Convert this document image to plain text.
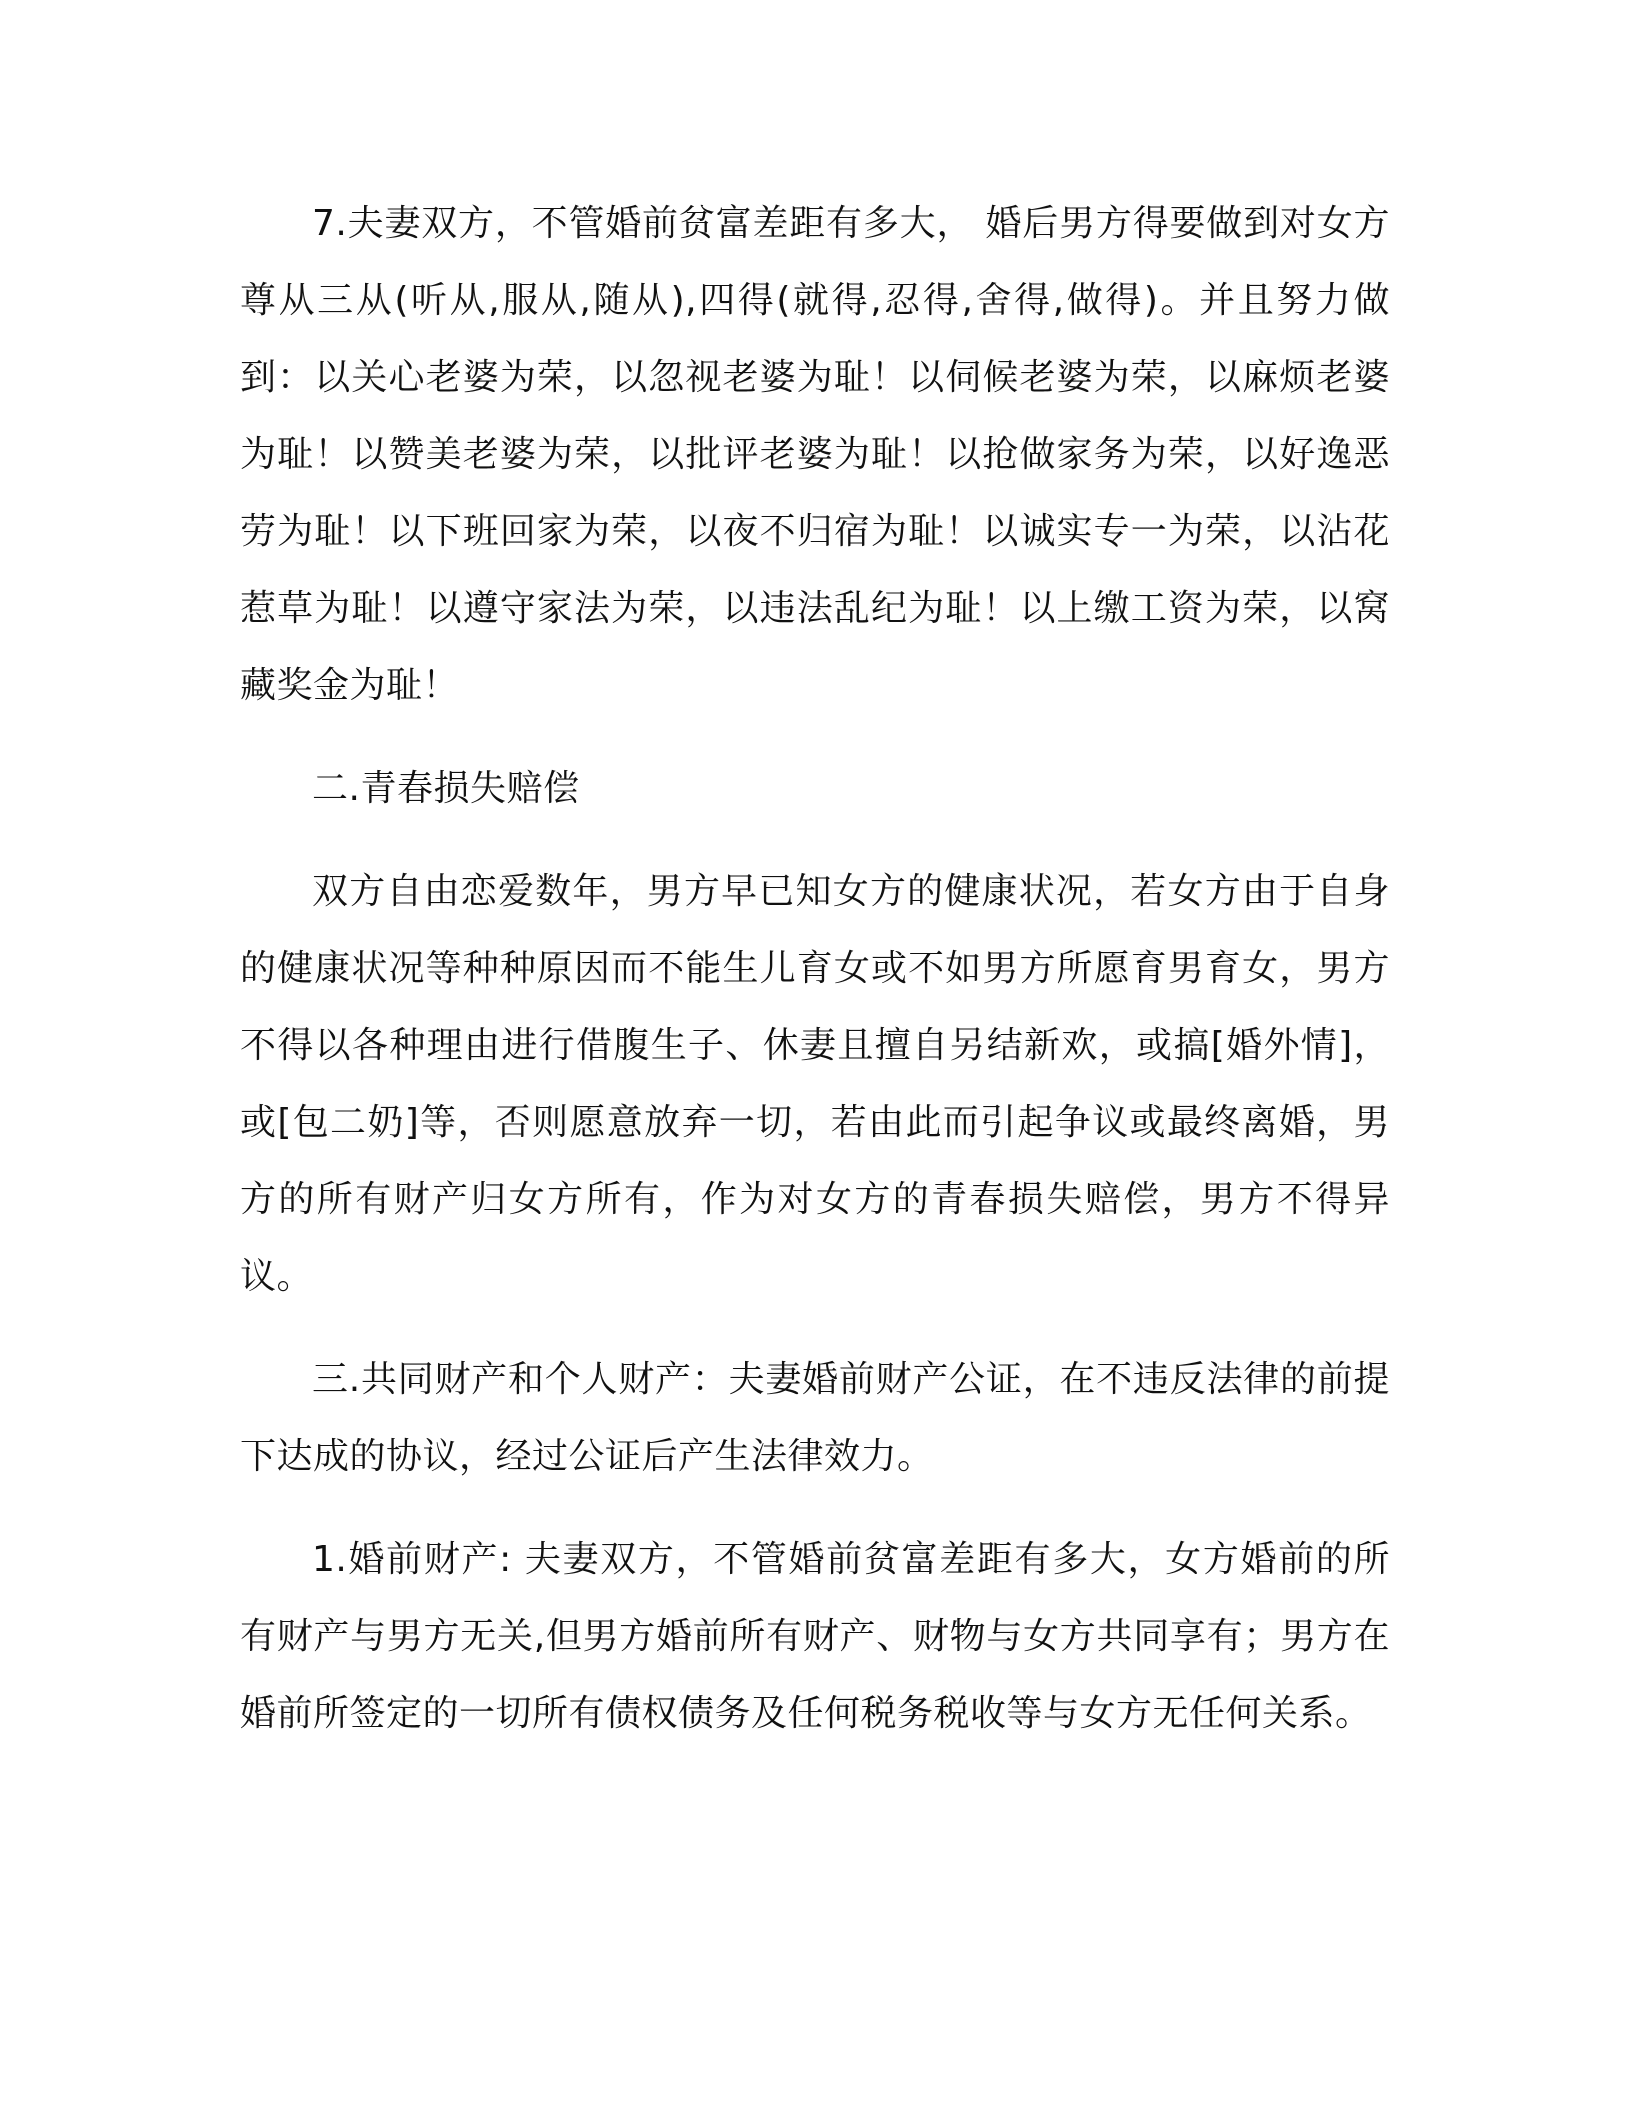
7.夫妻双方，不管婚前贫富差距有多大， 婚后男方得要做到对女方尊从三从(听从,服从,随从),四得(就得,忍得,舍得,做得)。并且努力做到：以关心老婆为荣，以忽视老婆为耻！以伺候老婆为荣，以麻烦老婆为耻！以赞美老婆为荣，以批评老婆为耻！以抢做家务为荣，以好逸恶劳为耻！以下班回家为荣，以夜不归宿为耻！以诚实专一为荣，以沾花惹草为耻！以遵守家法为荣，以违法乱纪为耻！以上缴工资为荣，以窝藏奖金为耻！

二.青春损失赔偿

双方自由恋爱数年，男方早已知女方的健康状况，若女方由于自身的健康状况等种种原因而不能生儿育女或不如男方所愿育男育女，男方不得以各种理由进行借腹生子、休妻且擅自另结新欢，或搞[婚外情]，或[包二奶]等，否则愿意放弃一切，若由此而引起争议或最终离婚，男方的所有财产归女方所有，作为对女方的青春损失赔偿，男方不得异议。

三.共同财产和个人财产：夫妻婚前财产公证，在不违反法律的前提下达成的协议，经过公证后产生法律效力。

1.婚前财产: 夫妻双方，不管婚前贫富差距有多大，女方婚前的所有财产与男方无关,但男方婚前所有财产、财物与女方共同享有；男方在婚前所签定的一切所有债权债务及任何税务税收等与女方无任何关系。
